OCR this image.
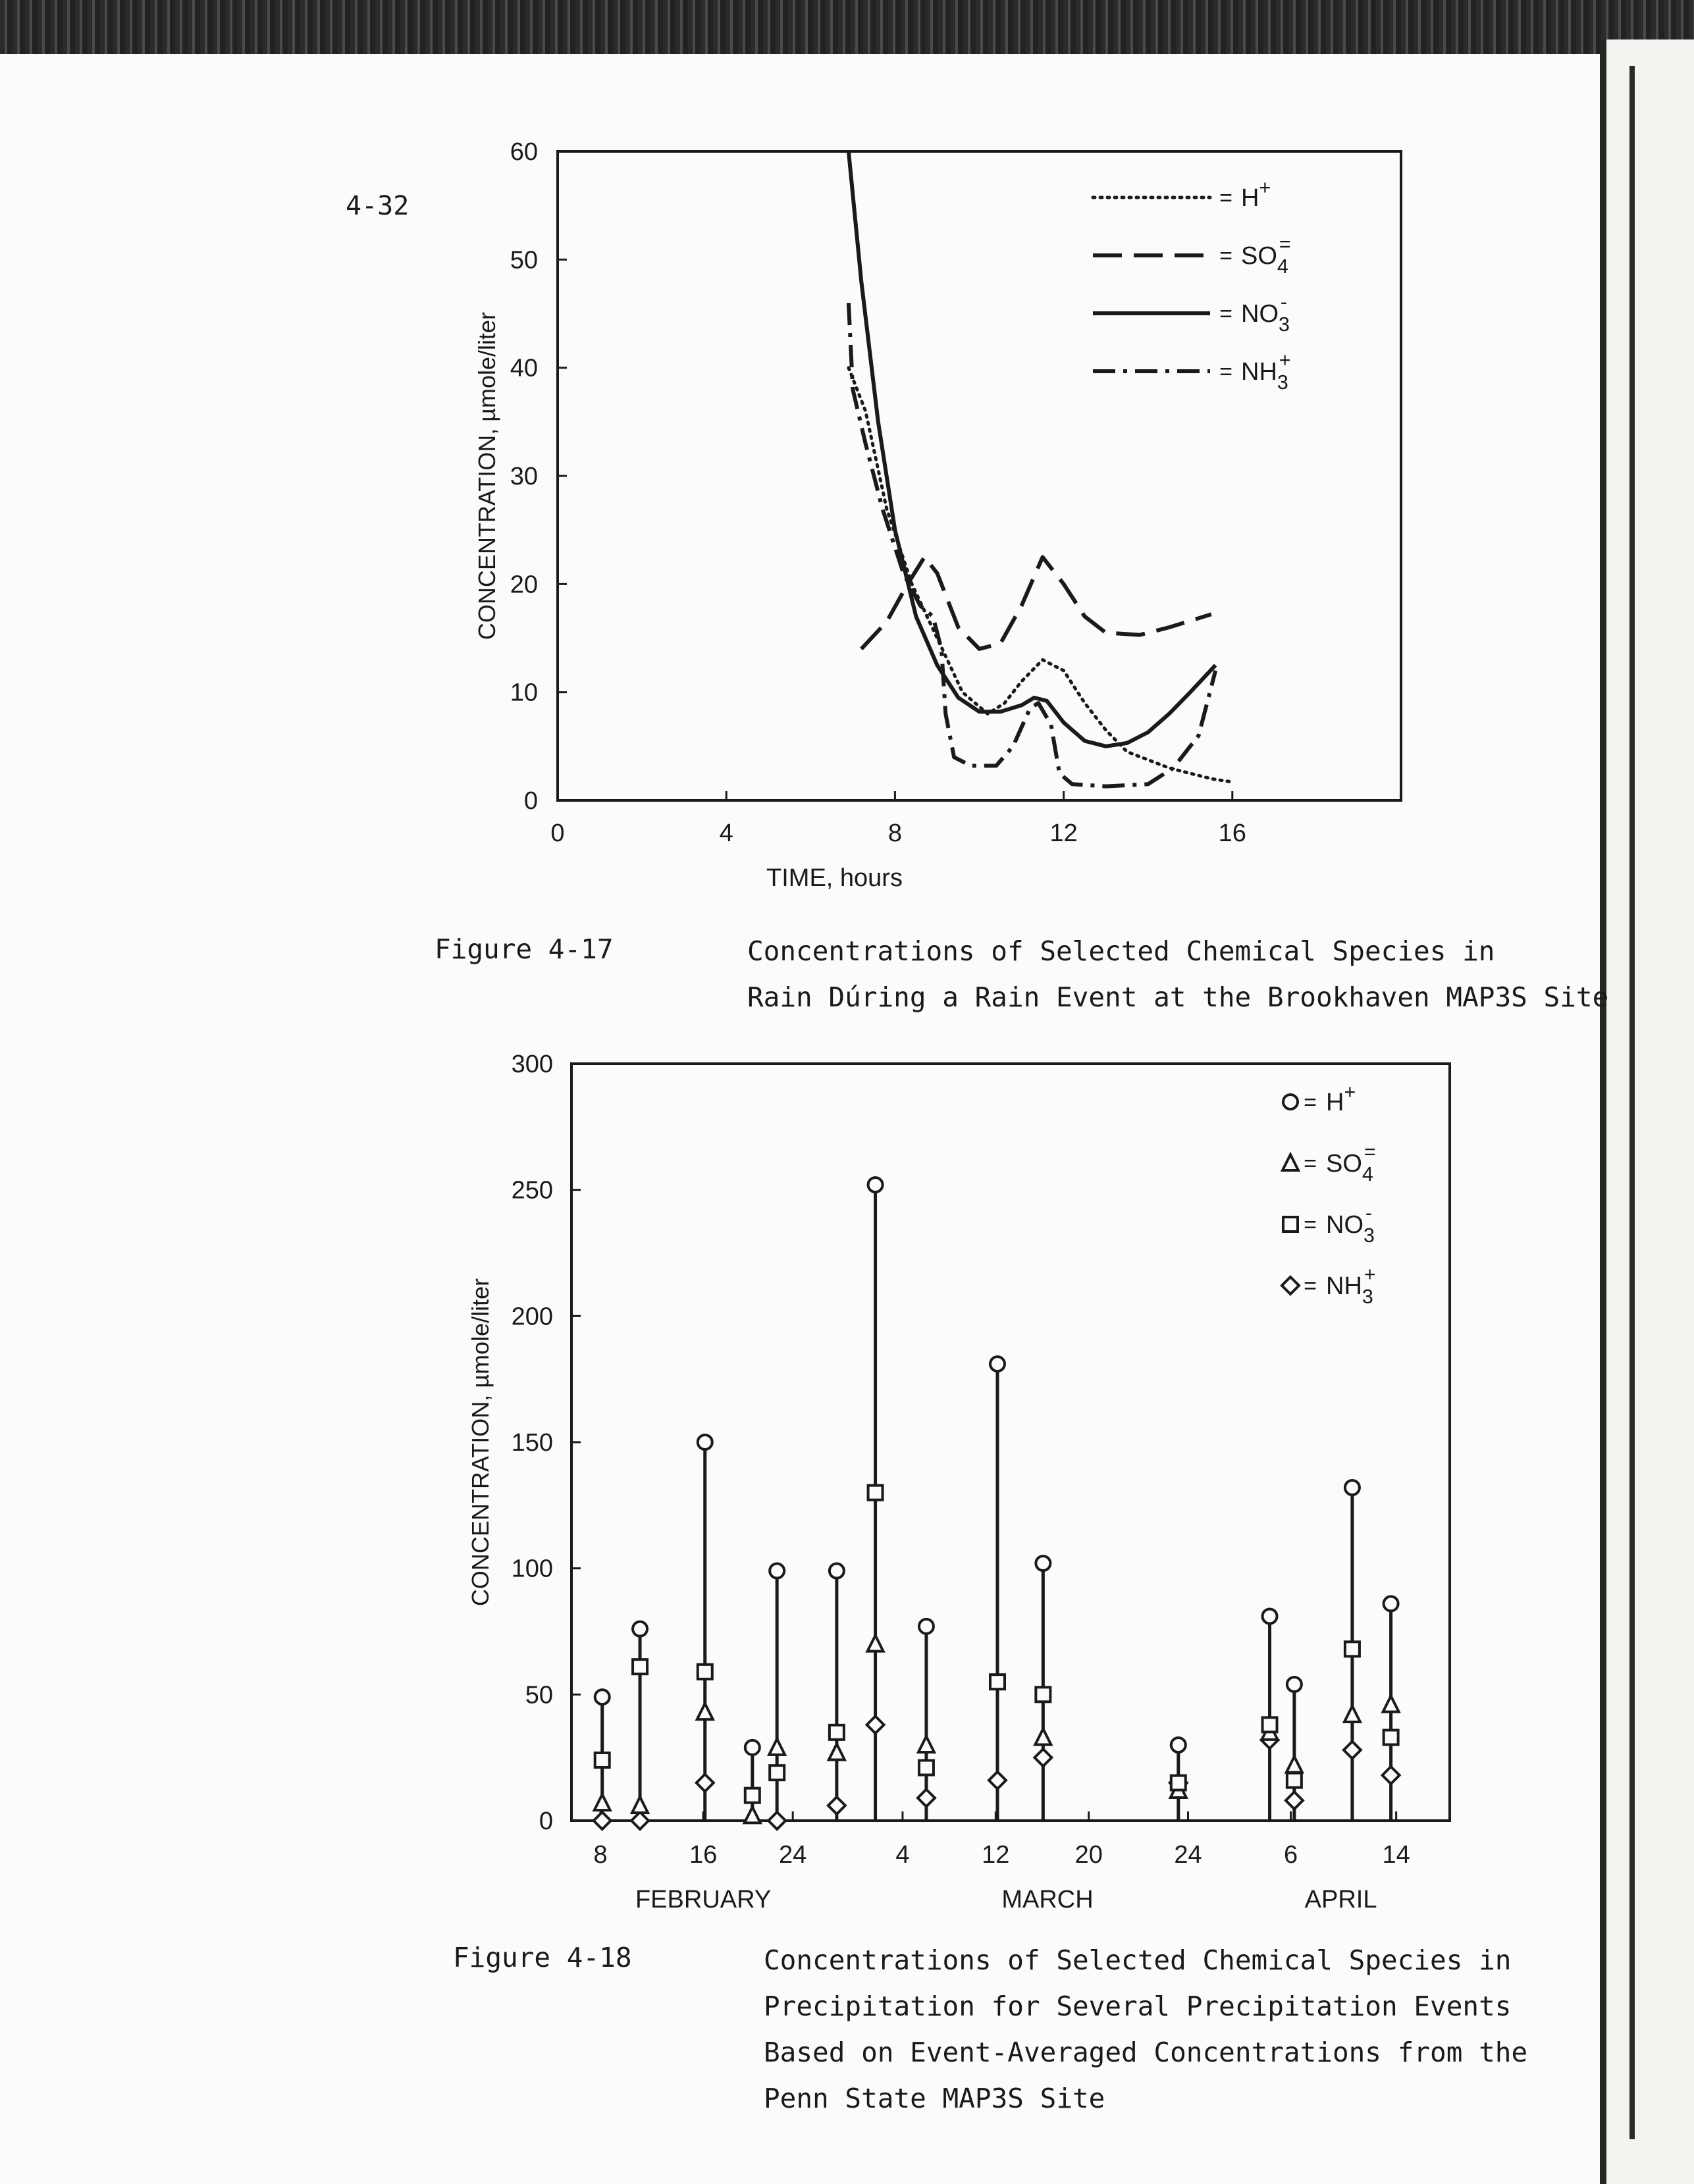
4-32
0
10
20
30
40
50
60
0	4	8	12	16
TIME, hours
CONCENTRATION, µmole/liter
= H+
= $SO_4=$
= $NO_3-$
= $NH_3+$
0
50
100
150
200
250
300
8	16 24	4	12	20	24	6	14
FEBRUARY	MARCH	APRIL
CONCENTRATION, µmole/liter
= H+
= $SO_4=$
= $NO_3-$
= $NH_3+$
Figure 4-17	Concentrations of Selected Chemical Species in
Rain Dúring a Rain Event at the Brookhaven MAP3S Site
Figure 4-18	Concentrations of Selected Chemical Species in
Precipitation for Several Precipitation Events
Based on Event-Averaged Concentrations from the
Penn State MAP3S Site
